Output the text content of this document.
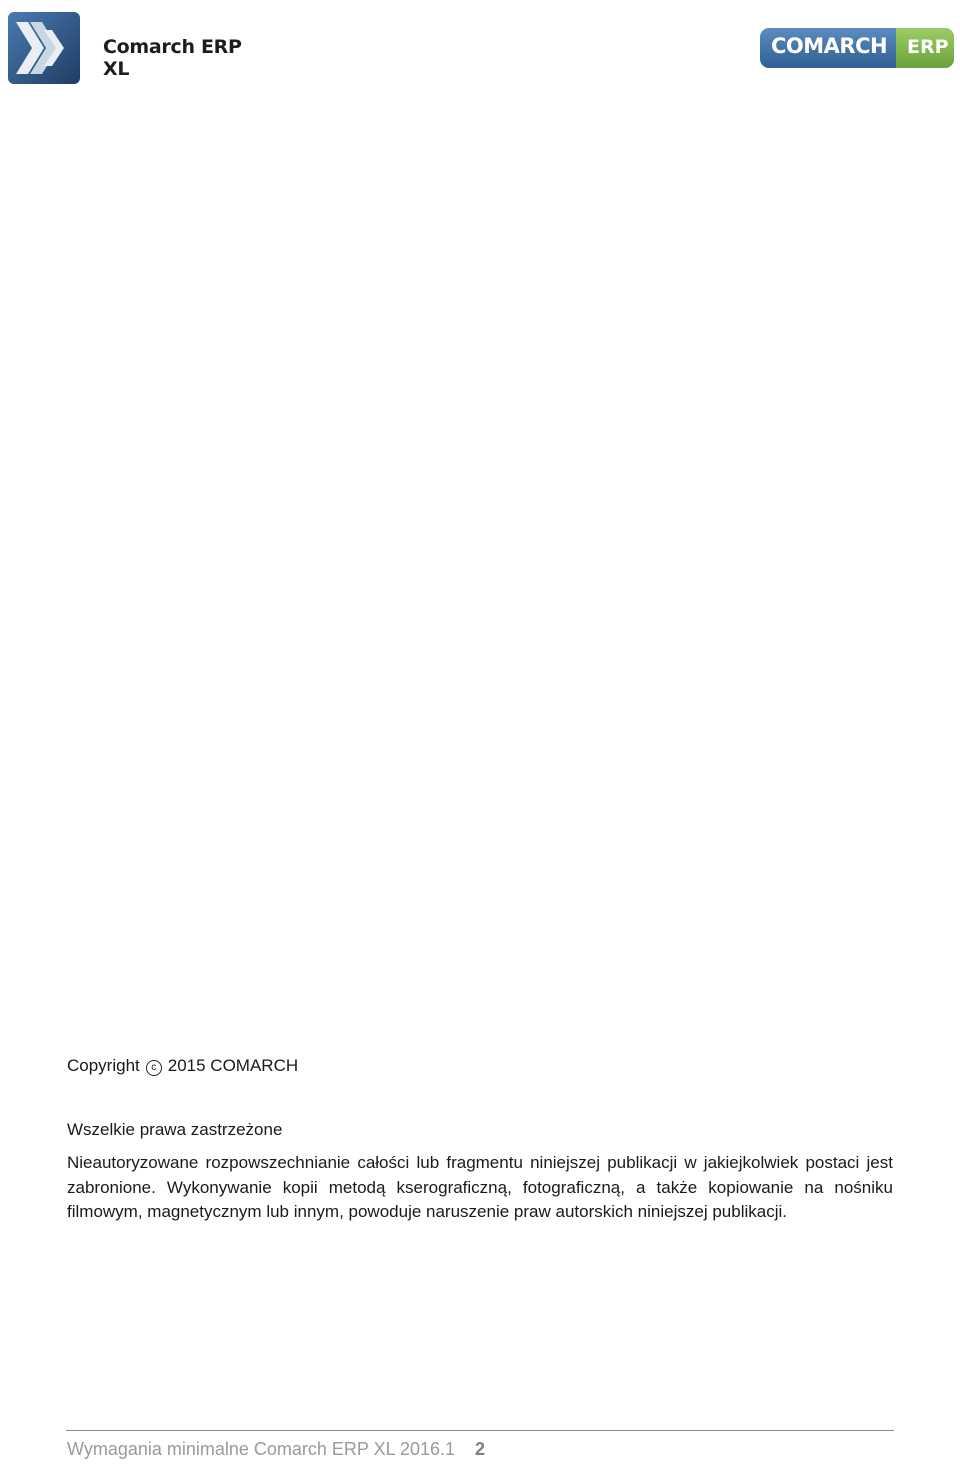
Comarch ERP
XL
COMARCH ERP
Copyright c 2015 COMARCH
Wszelkie prawa zastrzeżone

Nieautoryzowane rozpowszechnianie całości lub fragmentu niniejszej publikacji w jakiejkolwiek postaci jest zabronione. Wykonywanie kopii metodą kserograficzną, fotograficzną, a także kopiowanie na nośniku filmowym, magnetycznym lub innym, powoduje naruszenie praw autorskich niniejszej publikacji.

Wymagania minimalne Comarch ERP XL 2016.1 2
